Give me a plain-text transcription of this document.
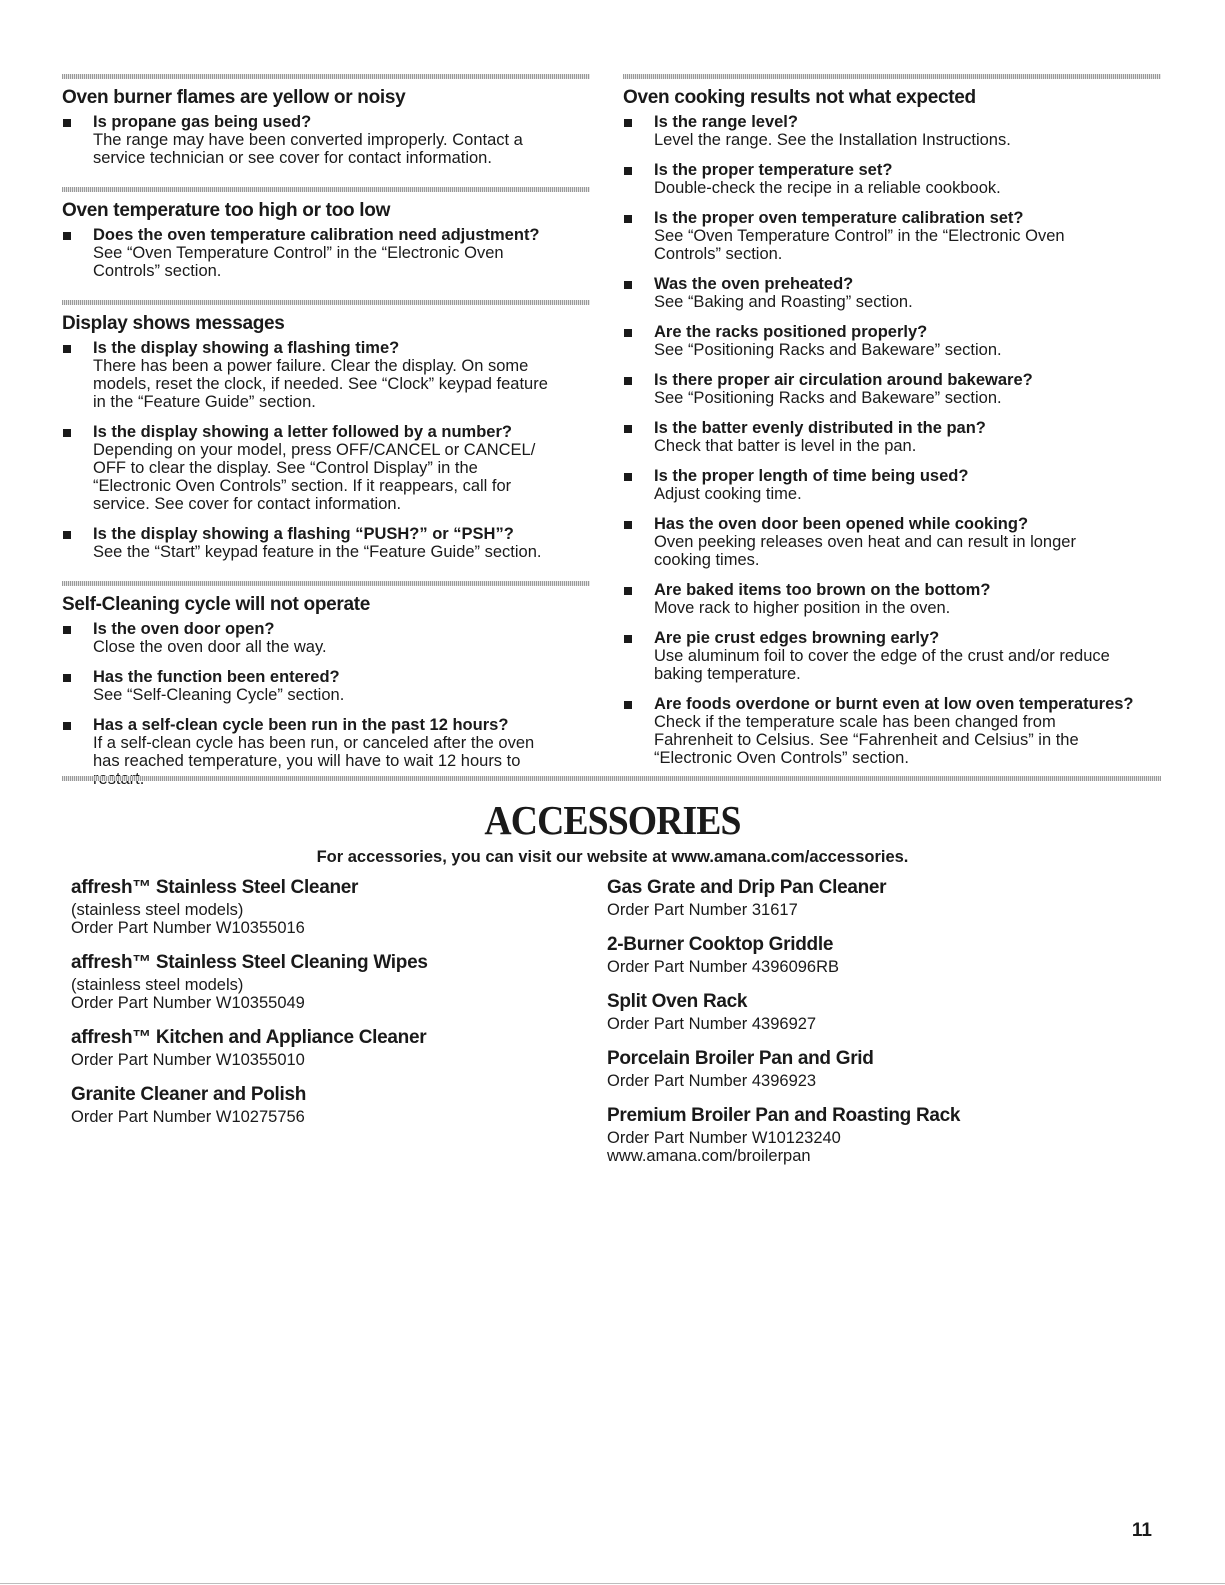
Oven burner flames are yellow or noisy
Is propane gas being used?
The range may have been converted improperly. Contact a
service technician or see cover for contact information.
Oven temperature too high or too low
Does the oven temperature calibration need adjustment?
See “Oven Temperature Control” in the “Electronic Oven
Controls” section.
Display shows messages
Is the display showing a flashing time?
There has been a power failure. Clear the display. On some
models, reset the clock, if needed. See “Clock” keypad feature
in the “Feature Guide” section.
Is the display showing a letter followed by a number?
Depending on your model, press OFF/CANCEL or CANCEL/
OFF to clear the display. See “Control Display” in the
“Electronic Oven Controls” section. If it reappears, call for
service. See cover for contact information.
Is the display showing a flashing “PUSH?” or “PSH”?
See the “Start” keypad feature in the “Feature Guide” section.
Self-Cleaning cycle will not operate
Is the oven door open?
Close the oven door all the way.
Has the function been entered?
See “Self-Cleaning Cycle” section.
Has a self-clean cycle been run in the past 12 hours?
If a self-clean cycle has been run, or canceled after the oven
has reached temperature, you will have to wait 12 hours to
Oven cooking results not what expected
Is the range level?
Level the range. See the Installation Instructions.
Is the proper temperature set?
Double-check the recipe in a reliable cookbook.
Is the proper oven temperature calibration set?
See “Oven Temperature Control” in the “Electronic Oven
Controls” section.
Was the oven preheated?
See “Baking and Roasting” section.
Are the racks positioned properly?
See “Positioning Racks and Bakeware” section.
Is there proper air circulation around bakeware?
See “Positioning Racks and Bakeware” section.
Is the batter evenly distributed in the pan?
Check that batter is level in the pan.
Is the proper length of time being used?
Adjust cooking time.
Has the oven door been opened while cooking?
Oven peeking releases oven heat and can result in longer
cooking times.
Are baked items too brown on the bottom?
Move rack to higher position in the oven.
Are pie crust edges browning early?
Use aluminum foil to cover the edge of the crust and/or reduce
baking temperature.
Are foods overdone or burnt even at low oven temperatures?
Check if the temperature scale has been changed from
Fahrenheit to Celsius. See “Fahrenheit and Celsius” in the
“Electronic Oven Controls” section.
ACCESSORIES
For accessories, you can visit our website at www.amana.com/accessories.
affresh™ Stainless Steel Cleaner
(stainless steel models)
Order Part Number W10355016
affresh™ Stainless Steel Cleaning Wipes
(stainless steel models)
Order Part Number W10355049
affresh™ Kitchen and Appliance Cleaner
Order Part Number W10355010
Granite Cleaner and Polish
Order Part Number W10275756
Gas Grate and Drip Pan Cleaner
Order Part Number 31617
2-Burner Cooktop Griddle
Order Part Number 4396096RB
Split Oven Rack
Order Part Number 4396927
Porcelain Broiler Pan and Grid
Order Part Number 4396923
Premium Broiler Pan and Roasting Rack
Order Part Number W10123240
www.amana.com/broilerpan
11
